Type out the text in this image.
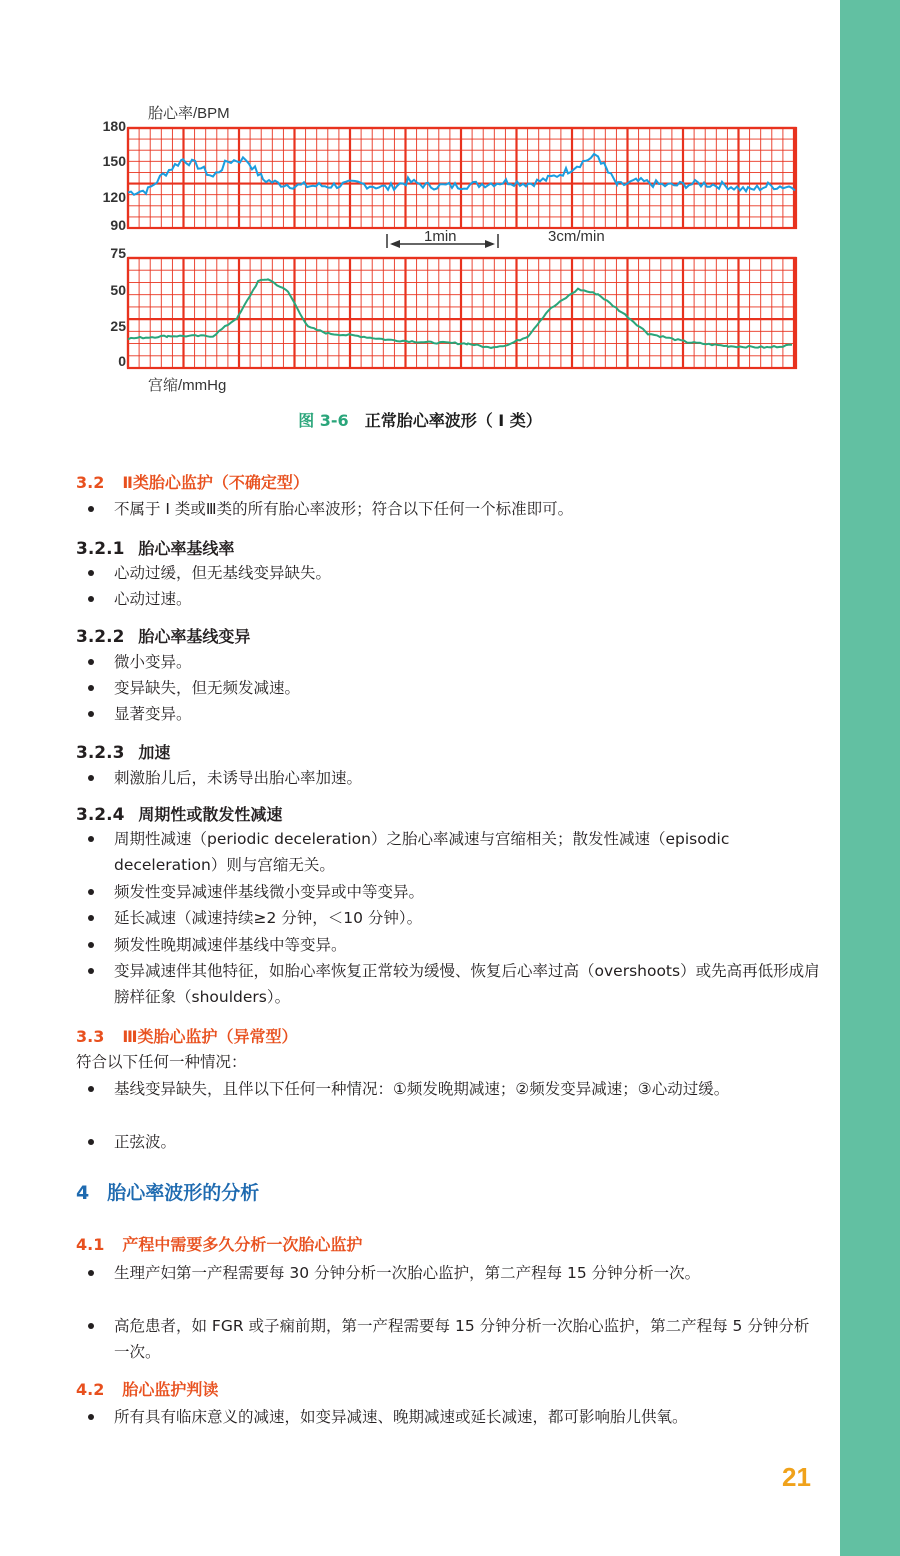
胎心率/BPM
180
150
120
90
75
50
25
0
宫缩/mmHg
1min	3cm/min
图 3-6 正常胎心率波形（ I 类）
3.2 Ⅱ类胎心监护（不确定型）
不属于 I 类或Ⅲ类的所有胎心率波形；符合以下任何一个标准即可。
3.2.1 胎心率基线率
心动过缓，但无基线变异缺失。
心动过速。
3.2.2 胎心率基线变异
微小变异。
变异缺失，但无频发减速。
显著变异。
3.2.3 加速
刺激胎儿后，未诱导出胎心率加速。
3.2.4 周期性或散发性减速
周期性减速（periodic deceleration）之胎心率减速与宫缩相关；散发性减速（episodic deceleration）则与宫缩无关。
频发性变异减速伴基线微小变异或中等变异。
延长减速（减速持续≥2 分钟，＜10 分钟）。
频发性晚期减速伴基线中等变异。
变异减速伴其他特征，如胎心率恢复正常较为缓慢、恢复后心率过高（overshoots）或先高再低形成肩膀样征象（shoulders）。
3.3 Ⅲ类胎心监护（异常型）
符合以下任何一种情况：
基线变异缺失，且伴以下任何一种情况：①频发晚期减速；②频发变异减速；③心动过缓。
正弦波。
4 胎心率波形的分析
4.1 产程中需要多久分析一次胎心监护
生理产妇第一产程需要每 30 分钟分析一次胎心监护，第二产程每 15 分钟分析一次。
高危患者，如 FGR 或子痫前期，第一产程需要每 15 分钟分析一次胎心监护，第二产程每 5 分钟分析一次。
4.2 胎心监护判读
所有具有临床意义的减速，如变异减速、晚期减速或延长减速，都可影响胎儿供氧。
21
